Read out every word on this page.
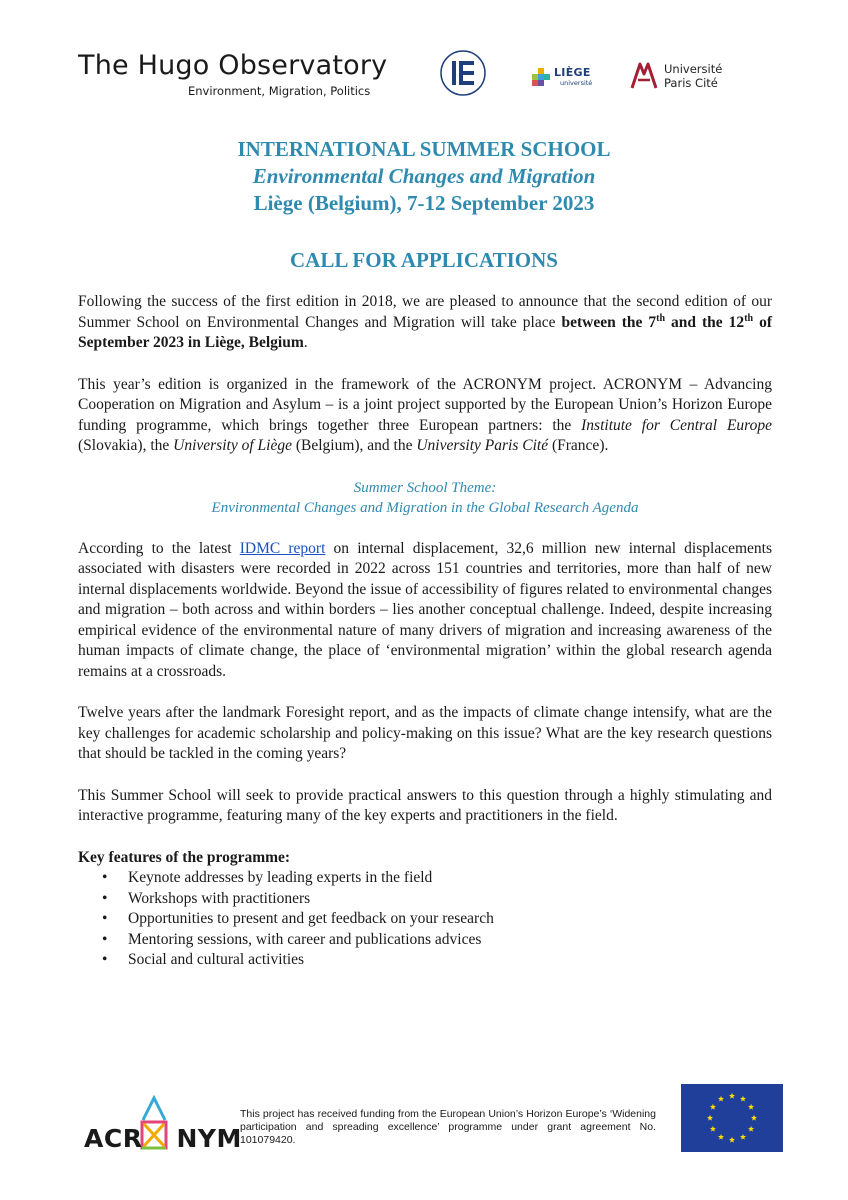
The Hugo Observatory
Environment, Migration, Politics
LIÈGE
université
Université
Paris Cité
INTERNATIONAL SUMMER SCHOOL
Environmental Changes and Migration
Liège (Belgium), 7-12 September 2023
CALL FOR APPLICATIONS

Following the success of the first edition in 2018, we are pleased to announce that the second edition of our Summer School on Environmental Changes and Migration will take place between the 7th and the 12th of September 2023 in Liège, Belgium.

This year’s edition is organized in the framework of the ACRONYM project. ACRONYM – Advancing Cooperation on Migration and Asylum – is a joint project supported by the European Union’s Horizon Europe funding programme, which brings together three European partners: the Institute for Central Europe (Slovakia), the University of Liège (Belgium), and the University Paris Cité (France).

Summer School Theme:
Environmental Changes and Migration in the Global Research Agenda

According to the latest IDMC report on internal displacement, 32,6 million new internal displacements associated with disasters were recorded in 2022 across 151 countries and territories, more than half of new internal displacements worldwide. Beyond the issue of accessibility of figures related to environmental changes and migration – both across and within borders – lies another conceptual challenge. Indeed, despite increasing empirical evidence of the environmental nature of many drivers of migration and increasing awareness of the human impacts of climate change, the place of ‘environmental migration’ within the global research agenda remains at a crossroads.

Twelve years after the landmark Foresight report, and as the impacts of climate change intensify, what are the key challenges for academic scholarship and policy-making on this issue? What are the key research questions that should be tackled in the coming years?

This Summer School will seek to provide practical answers to this question through a highly stimulating and interactive programme, featuring many of the key experts and practitioners in the field.

Key features of the programme:
• Keynote addresses by leading experts in the field
• Workshops with practitioners
• Opportunities to present and get feedback on your research
• Mentoring sessions, with career and publications advices
• Social and cultural activities
ACR NYM
This project has received funding from the European Union’s Horizon Europe’s ‘Widening participation and spreading excellence’ programme under grant agreement No. 101079420.
